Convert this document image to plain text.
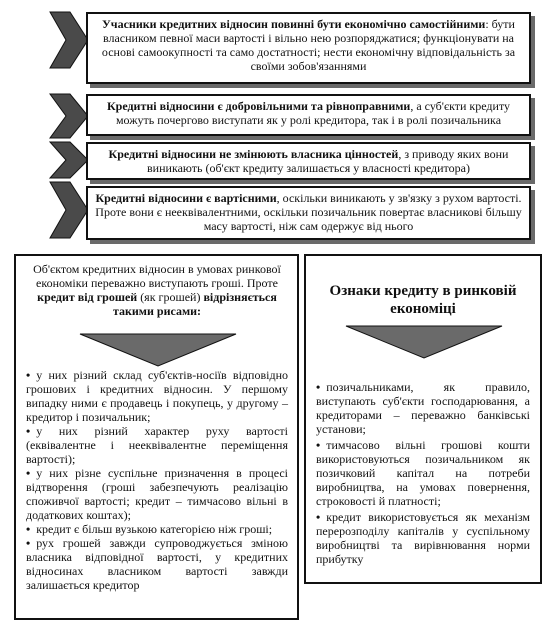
Учасники кредитних відносин повинні бути економічно самостійними: бути власником певної маси вартості і вільно нею розпоряджатися; функціонувати на основі самоокупності та само достатності; нести економічну відповідальність за своїми зобов'язаннями
Кредитні відносини є добровільними та рівноправними, а суб'єкти кредиту можуть почергово виступати як у ролі кредитора, так і в ролі позичальника
Кредитні відносини не змінюють власника цінностей, з приводу яких вони виникають (об'єкт кредиту залишається у власності кредитора)
Кредитні відносини є вартісними, оскільки виникають у зв'язку з рухом вартості. Проте вони є нееквівалентними, оскільки позичальник повертає власникові більшу масу вартості, ніж сам одержує від нього
Об'єктом кредитних відносин в умовах ринкової економіки переважно виступають гроші. Проте кредит від грошей (як грошей) відрізняється такими рисами:
• у них різний склад суб'єктів-носіїв відповідно грошових і кредитних відносин. У першому випадку ними є продавець і покупець, у другому – кредитор і позичальник;
• у них різний характер руху вартості (еквівалентне і нееквівалентне переміщення вартості);
• у них різне суспільне призначення в процесі відтворення (гроші забезпечують реалізацію споживчої вартості; кредит – тимчасово вільні в додаткових коштах);
• кредит є більш вузькою категорією ніж гроші;
• рух грошей завжди супроводжується зміною власника відповідної вартості, у кредитних відносинах власником вартості завжди залишається кредитор
Ознаки кредиту в ринковій економіці
• позичальниками, як правило, виступають суб'єкти господарювання, а кредиторами – переважно банківські установи;
• тимчасово вільні грошові кошти використовуються позичальником як позичковий капітал на потреби виробництва, на умовах повернення, строковості й платності;
• кредит використовується як механізм перерозподілу капіталів у суспільному виробництві та вирівнювання норми прибутку
